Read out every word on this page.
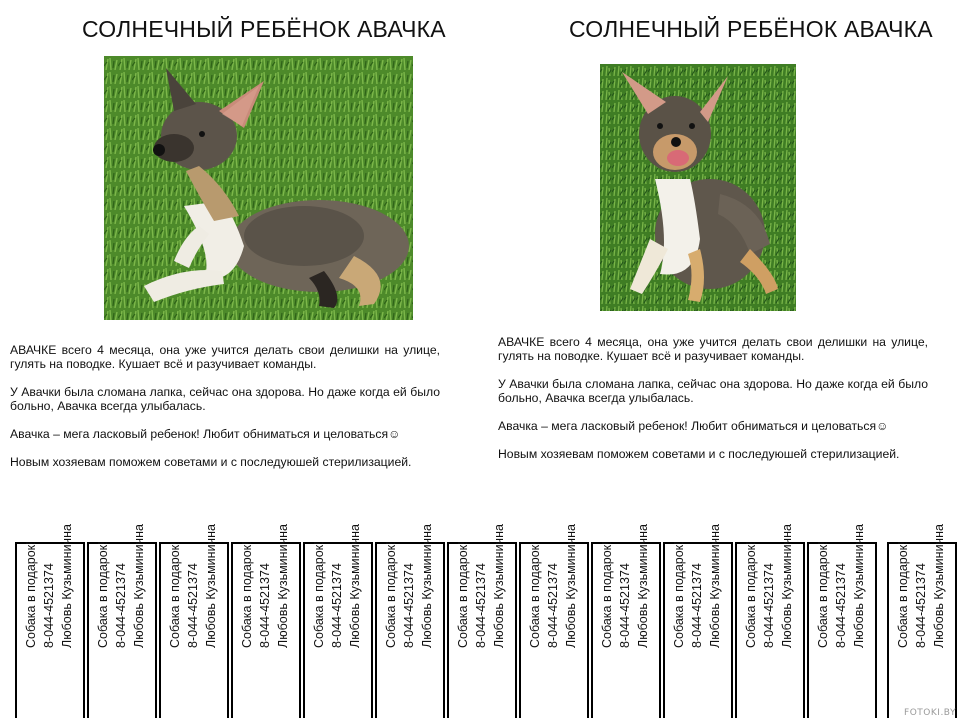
СОЛНЕЧНЫЙ РЕБЁНОК АВАЧКА	СОЛНЕЧНЫЙ РЕБЁНОК АВАЧКА

АВАЧКЕ всего 4 месяца, она уже учится делать свои делишки на улице, гулять на поводке. Кушает всё и разучивает команды.

У Авачки была сломана лапка, сейчас она здорова. Но даже когда ей было больно, Авачка всегда улыбалась.

Авачка – мега ласковый ребенок! Любит обниматься и целоваться☺

Новым хозяевам поможем советами и с последуюшей стерилизацией.

АВАЧКЕ всего 4 месяца, она уже учится делать свои делишки на улице, гулять на поводке. Кушает всё и разучивает команды.

У Авачки была сломана лапка, сейчас она здорова. Но даже когда ей было больно, Авачка всегда улыбалась.

Авачка – мега ласковый ребенок! Любит обниматься и целоваться☺

Новым хозяевам поможем советами и с последуюшей стерилизацией.

Собака в подарок! 8-044-4521374 Любовь Кузьминична Собака в подарок! 8-044-4521374 Любовь Кузьминична Собака в подарок! 8-044-4521374 Любовь Кузьминична Собака в подарок! 8-044-4521374 Любовь Кузьминична Собака в подарок! 8-044-4521374 Любовь Кузьминична Собака в подарок! 8-044-4521374 Любовь Кузьминична Собака в подарок! 8-044-4521374 Любовь Кузьминична Собака в подарок! 8-044-4521374 Любовь Кузьминична Собака в подарок! 8-044-4521374 Любовь Кузьминична Собака в подарок! 8-044-4521374 Любовь Кузьминична Собака в подарок! 8-044-4521374 Любовь Кузьминична Собака в подарок! 8-044-4521374 Любовь Кузьминична Собака в подарок! 8-044-4521374 Любовь Кузьминична
FOTOKI.BY
